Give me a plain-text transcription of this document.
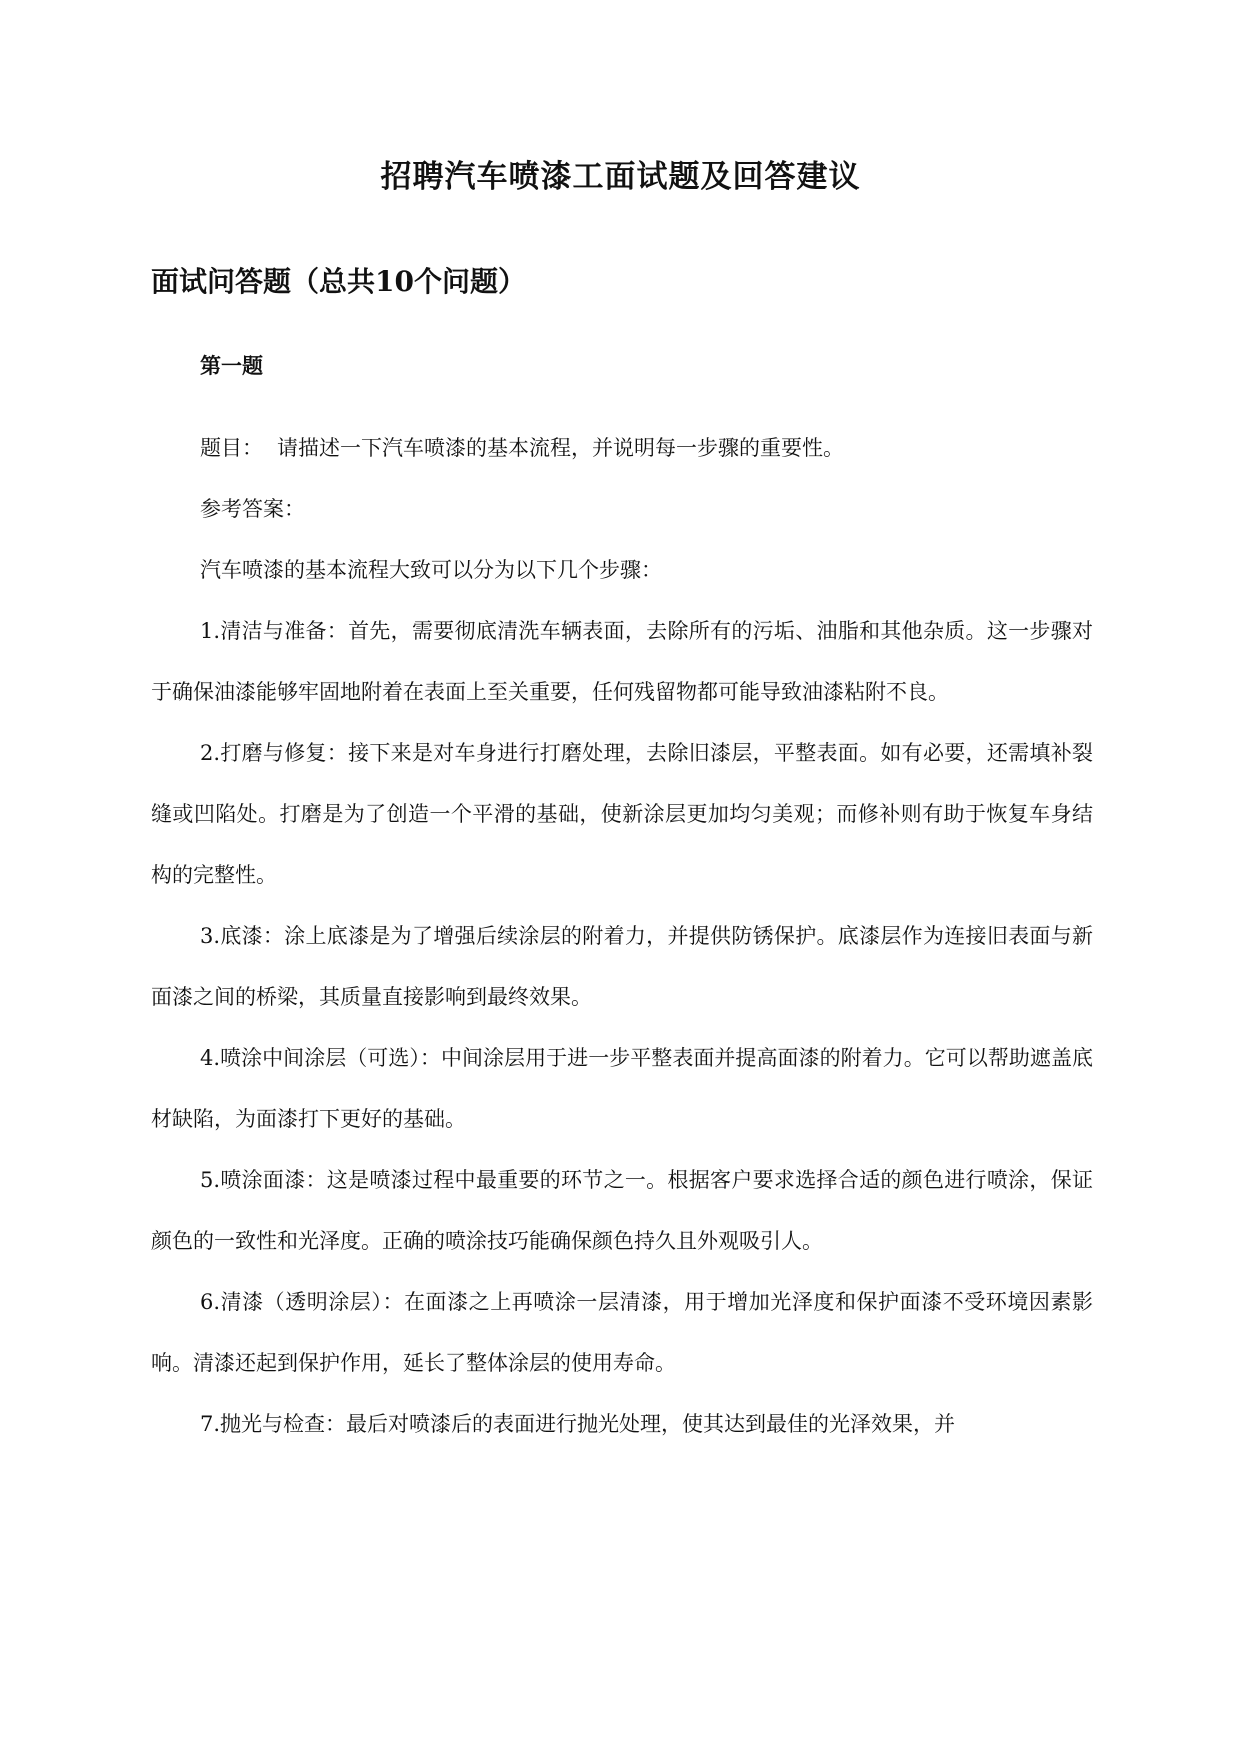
招聘汽车喷漆工面试题及回答建议
面试问答题（总共10个问题）
第一题

题目： 请描述一下汽车喷漆的基本流程，并说明每一步骤的重要性。

参考答案：

汽车喷漆的基本流程大致可以分为以下几个步骤：

1.清洁与准备：首先，需要彻底清洗车辆表面，去除所有的污垢、油脂和其他杂质。这一步骤对于确保油漆能够牢固地附着在表面上至关重要，任何残留物都可能导致油漆粘附不良。

2.打磨与修复：接下来是对车身进行打磨处理，去除旧漆层，平整表面。如有必要，还需填补裂缝或凹陷处。打磨是为了创造一个平滑的基础，使新涂层更加均匀美观；而修补则有助于恢复车身结构的完整性。

3.底漆：涂上底漆是为了增强后续涂层的附着力，并提供防锈保护。底漆层作为连接旧表面与新面漆之间的桥梁，其质量直接影响到最终效果。

4.喷涂中间涂层（可选）：中间涂层用于进一步平整表面并提高面漆的附着力。它可以帮助遮盖底材缺陷，为面漆打下更好的基础。

5.喷涂面漆：这是喷漆过程中最重要的环节之一。根据客户要求选择合适的颜色进行喷涂，保证颜色的一致性和光泽度。正确的喷涂技巧能确保颜色持久且外观吸引人。

6.清漆（透明涂层）：在面漆之上再喷涂一层清漆，用于增加光泽度和保护面漆不受环境因素影响。清漆还起到保护作用，延长了整体涂层的使用寿命。

7.抛光与检查：最后对喷漆后的表面进行抛光处理，使其达到最佳的光泽效果，并
